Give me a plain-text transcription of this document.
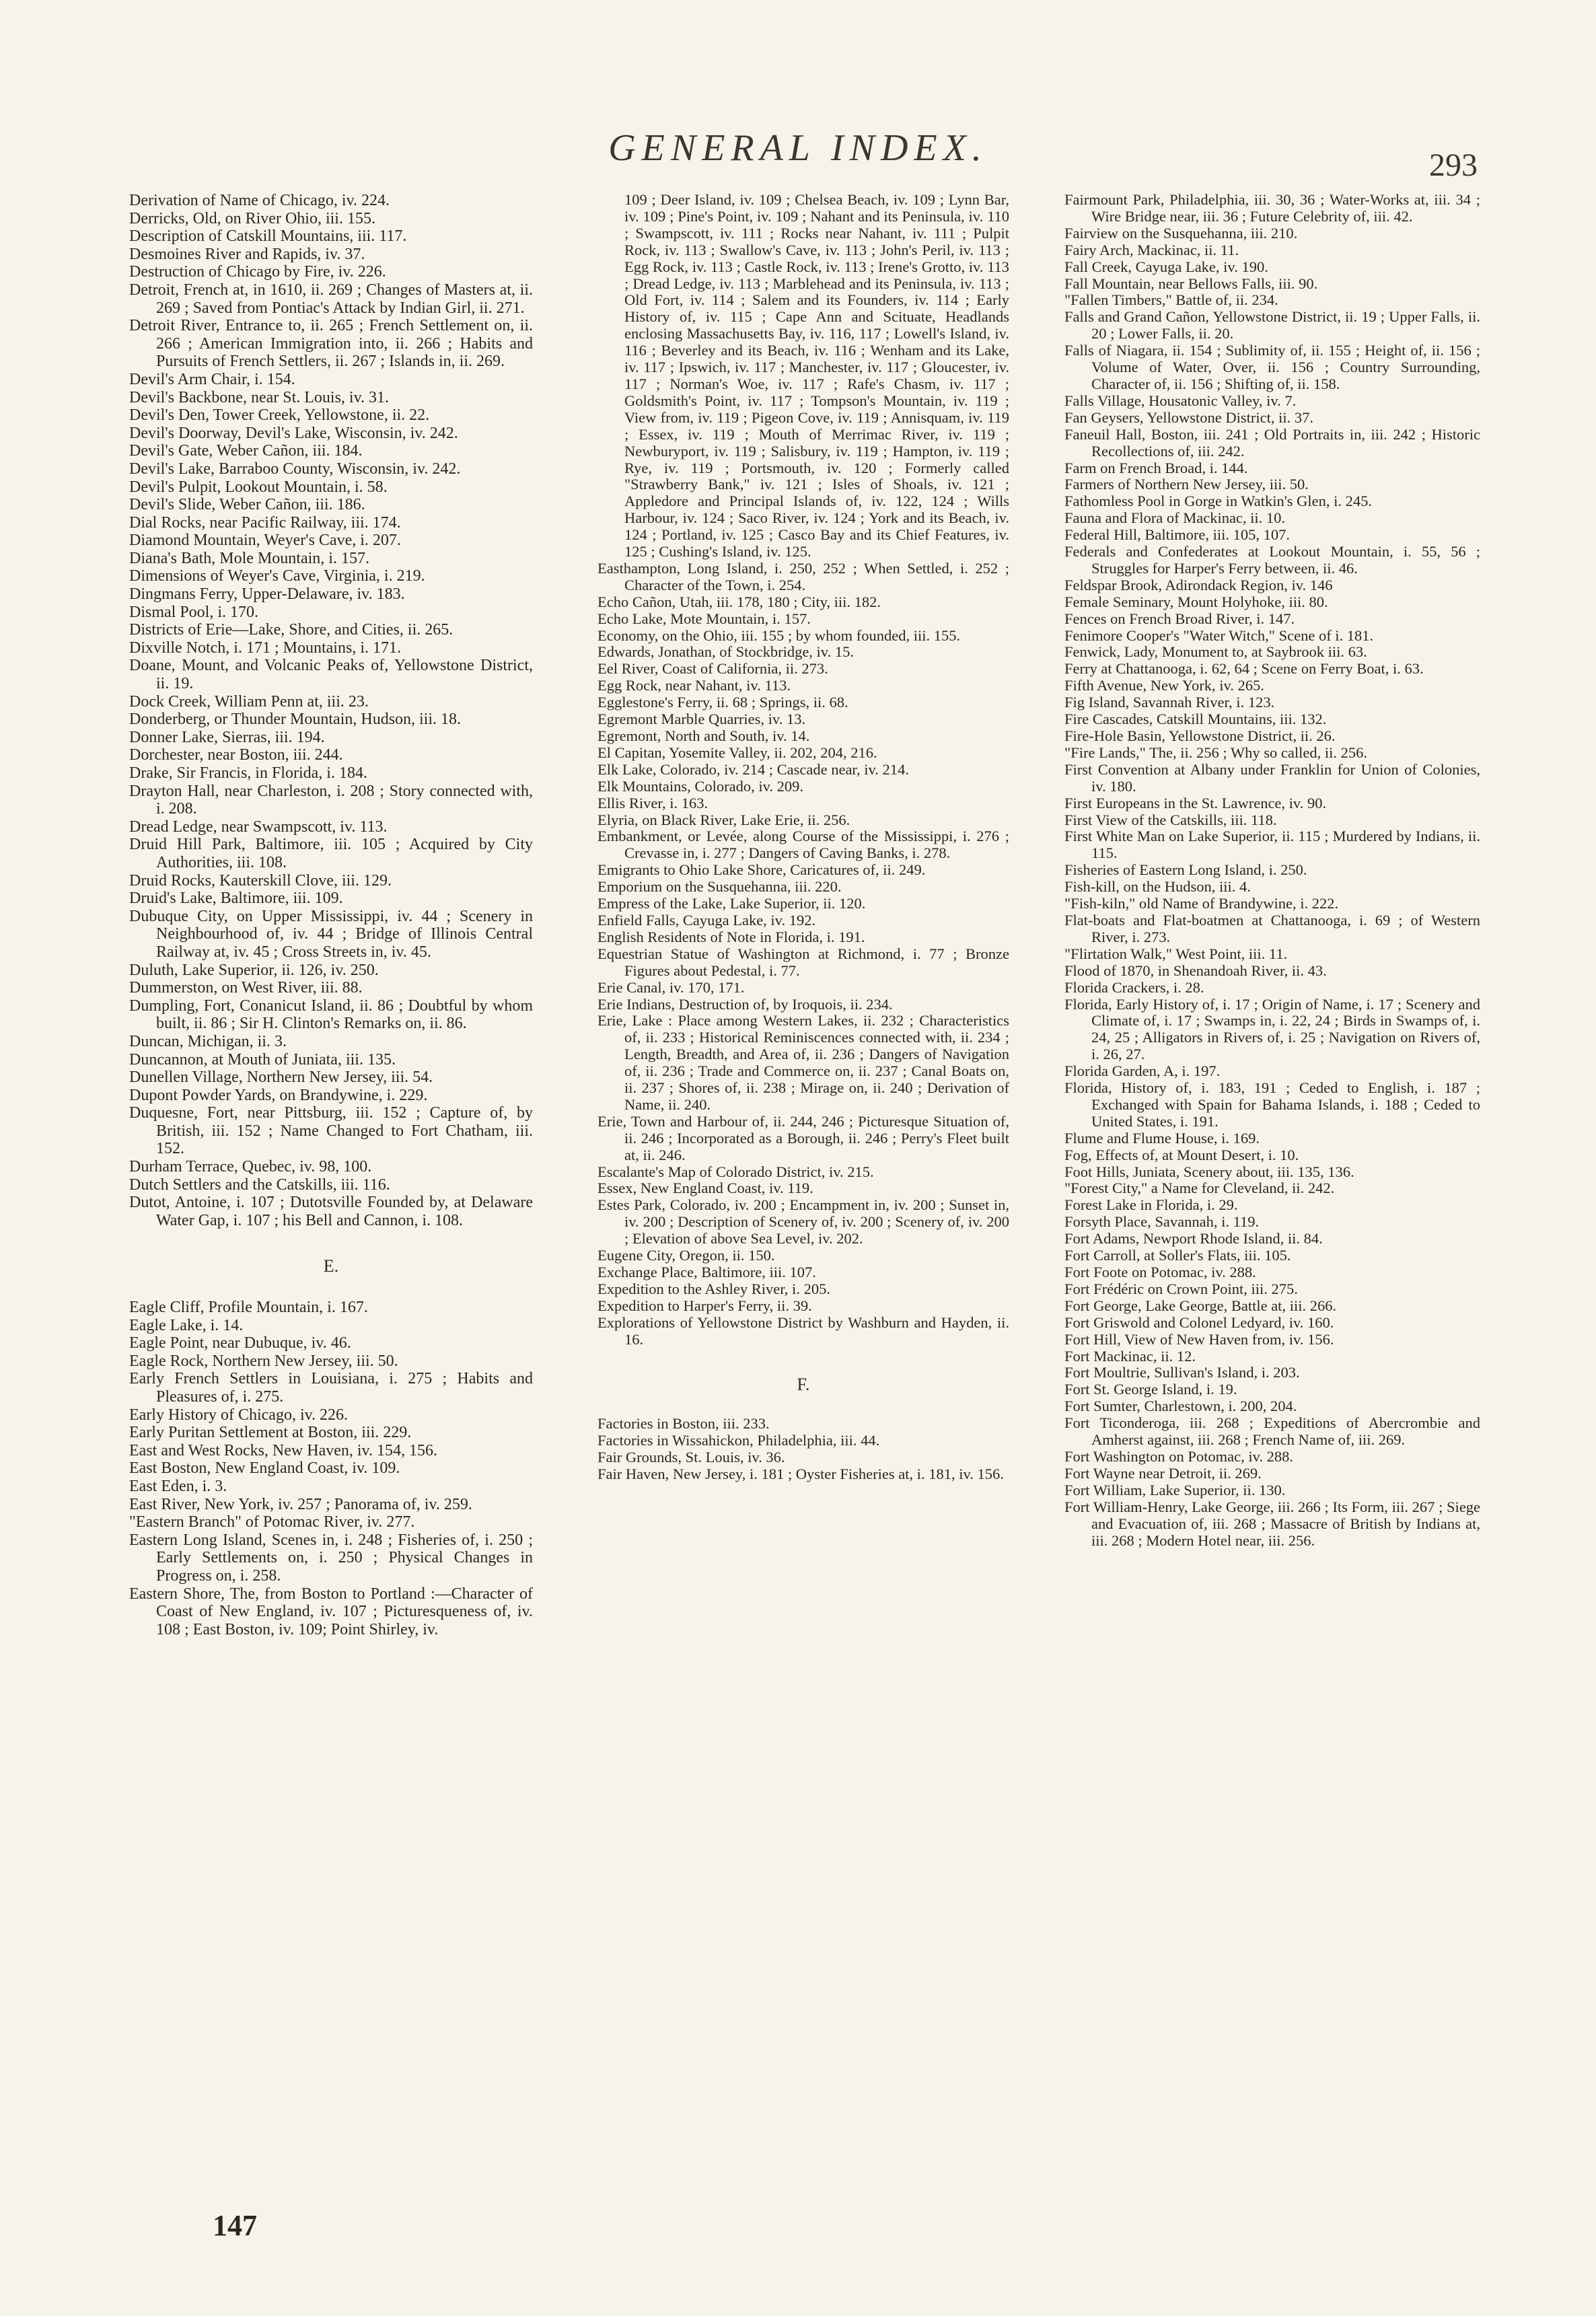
GENERAL INDEX.	293

Derivation of Name of Chicago, iv. 224.

Derricks, Old, on River Ohio, iii. 155.

Description of Catskill Mountains, iii. 117.

Desmoines River and Rapids, iv. 37.

Destruction of Chicago by Fire, iv. 226.

Detroit, French at, in 1610, ii. 269 ; Changes of Masters at, ii. 269 ; Saved from Pontiac's Attack by Indian Girl, ii. 271.

Detroit River, Entrance to, ii. 265 ; French Settlement on, ii. 266 ; American Immigration into, ii. 266 ; Habits and Pursuits of French Settlers, ii. 267 ; Islands in, ii. 269.

Devil's Arm Chair, i. 154.

Devil's Backbone, near St. Louis, iv. 31.

Devil's Den, Tower Creek, Yellowstone, ii. 22.

Devil's Doorway, Devil's Lake, Wisconsin, iv. 242.

Devil's Gate, Weber Cañon, iii. 184.

Devil's Lake, Barraboo County, Wisconsin, iv. 242.

Devil's Pulpit, Lookout Mountain, i. 58.

Devil's Slide, Weber Cañon, iii. 186.

Dial Rocks, near Pacific Railway, iii. 174.

Diamond Mountain, Weyer's Cave, i. 207.

Diana's Bath, Mole Mountain, i. 157.

Dimensions of Weyer's Cave, Virginia, i. 219.

Dingmans Ferry, Upper-Delaware, iv. 183.

Dismal Pool, i. 170.

Districts of Erie—Lake, Shore, and Cities, ii. 265.

Dixville Notch, i. 171 ; Mountains, i. 171.

Doane, Mount, and Volcanic Peaks of, Yellowstone District, ii. 19.

Dock Creek, William Penn at, iii. 23.

Donderberg, or Thunder Mountain, Hudson, iii. 18.

Donner Lake, Sierras, iii. 194.

Dorchester, near Boston, iii. 244.

Drake, Sir Francis, in Florida, i. 184.

Drayton Hall, near Charleston, i. 208 ; Story connected with, i. 208.

Dread Ledge, near Swampscott, iv. 113.

Druid Hill Park, Baltimore, iii. 105 ; Acquired by City Authorities, iii. 108.

Druid Rocks, Kauterskill Clove, iii. 129.

Druid's Lake, Baltimore, iii. 109.

Dubuque City, on Upper Mississippi, iv. 44 ; Scenery in Neighbourhood of, iv. 44 ; Bridge of Illinois Central Railway at, iv. 45 ; Cross Streets in, iv. 45.

Duluth, Lake Superior, ii. 126, iv. 250.

Dummerston, on West River, iii. 88.

Dumpling, Fort, Conanicut Island, ii. 86 ; Doubtful by whom built, ii. 86 ; Sir H. Clinton's Remarks on, ii. 86.

Duncan, Michigan, ii. 3.

Duncannon, at Mouth of Juniata, iii. 135.

Dunellen Village, Northern New Jersey, iii. 54.

Dupont Powder Yards, on Brandywine, i. 229.

Duquesne, Fort, near Pittsburg, iii. 152 ; Capture of, by British, iii. 152 ; Name Changed to Fort Chatham, iii. 152.

Durham Terrace, Quebec, iv. 98, 100.

Dutch Settlers and the Catskills, iii. 116.

Dutot, Antoine, i. 107 ; Dutotsville Founded by, at Delaware Water Gap, i. 107 ; his Bell and Cannon, i. 108.

E.

Eagle Cliff, Profile Mountain, i. 167.

Eagle Lake, i. 14.

Eagle Point, near Dubuque, iv. 46.

Eagle Rock, Northern New Jersey, iii. 50.

Early French Settlers in Louisiana, i. 275 ; Habits and Pleasures of, i. 275.

Early History of Chicago, iv. 226.

Early Puritan Settlement at Boston, iii. 229.

East and West Rocks, New Haven, iv. 154, 156.

East Boston, New England Coast, iv. 109.

East Eden, i. 3.

East River, New York, iv. 257 ; Panorama of, iv. 259.

"Eastern Branch" of Potomac River, iv. 277.

Eastern Long Island, Scenes in, i. 248 ; Fisheries of, i. 250 ; Early Settlements on, i. 250 ; Physical Changes in Progress on, i. 258.

Eastern Shore, The, from Boston to Portland :—Character of Coast of New England, iv. 107 ; Picturesqueness of, iv. 108 ; East Boston, iv. 109; Point Shirley, iv.

109 ; Deer Island, iv. 109 ; Chelsea Beach, iv. 109 ; Lynn Bar, iv. 109 ; Pine's Point, iv. 109 ; Nahant and its Peninsula, iv. 110 ; Swampscott, iv. 111 ; Rocks near Nahant, iv. 111 ; Pulpit Rock, iv. 113 ; Swallow's Cave, iv. 113 ; John's Peril, iv. 113 ; Egg Rock, iv. 113 ; Castle Rock, iv. 113 ; Irene's Grotto, iv. 113 ; Dread Ledge, iv. 113 ; Marblehead and its Peninsula, iv. 113 ; Old Fort, iv. 114 ; Salem and its Founders, iv. 114 ; Early History of, iv. 115 ; Cape Ann and Scituate, Headlands enclosing Massachusetts Bay, iv. 116, 117 ; Lowell's Island, iv. 116 ; Beverley and its Beach, iv. 116 ; Wenham and its Lake, iv. 117 ; Ipswich, iv. 117 ; Manchester, iv. 117 ; Gloucester, iv. 117 ; Norman's Woe, iv. 117 ; Rafe's Chasm, iv. 117 ; Goldsmith's Point, iv. 117 ; Tompson's Mountain, iv. 119 ; View from, iv. 119 ; Pigeon Cove, iv. 119 ; Annisquam, iv. 119 ; Essex, iv. 119 ; Mouth of Merrimac River, iv. 119 ; Newburyport, iv. 119 ; Salisbury, iv. 119 ; Hampton, iv. 119 ; Rye, iv. 119 ; Portsmouth, iv. 120 ; Formerly called "Strawberry Bank," iv. 121 ; Isles of Shoals, iv. 121 ; Appledore and Principal Islands of, iv. 122, 124 ; Wills Harbour, iv. 124 ; Saco River, iv. 124 ; York and its Beach, iv. 124 ; Portland, iv. 125 ; Casco Bay and its Chief Features, iv. 125 ; Cushing's Island, iv. 125.

Easthampton, Long Island, i. 250, 252 ; When Settled, i. 252 ; Character of the Town, i. 254.

Echo Cañon, Utah, iii. 178, 180 ; City, iii. 182.

Echo Lake, Mote Mountain, i. 157.

Economy, on the Ohio, iii. 155 ; by whom founded, iii. 155.

Edwards, Jonathan, of Stockbridge, iv. 15.

Eel River, Coast of California, ii. 273.

Egg Rock, near Nahant, iv. 113.

Egglestone's Ferry, ii. 68 ; Springs, ii. 68.

Egremont Marble Quarries, iv. 13.

Egremont, North and South, iv. 14.

El Capitan, Yosemite Valley, ii. 202, 204, 216.

Elk Lake, Colorado, iv. 214 ; Cascade near, iv. 214.

Elk Mountains, Colorado, iv. 209.

Ellis River, i. 163.

Elyria, on Black River, Lake Erie, ii. 256.

Embankment, or Levée, along Course of the Mississippi, i. 276 ; Crevasse in, i. 277 ; Dangers of Caving Banks, i. 278.

Emigrants to Ohio Lake Shore, Caricatures of, ii. 249.

Emporium on the Susquehanna, iii. 220.

Empress of the Lake, Lake Superior, ii. 120.

Enfield Falls, Cayuga Lake, iv. 192.

English Residents of Note in Florida, i. 191.

Equestrian Statue of Washington at Richmond, i. 77 ; Bronze Figures about Pedestal, i. 77.

Erie Canal, iv. 170, 171.

Erie Indians, Destruction of, by Iroquois, ii. 234.

Erie, Lake : Place among Western Lakes, ii. 232 ; Characteristics of, ii. 233 ; Historical Reminiscences connected with, ii. 234 ; Length, Breadth, and Area of, ii. 236 ; Dangers of Navigation of, ii. 236 ; Trade and Commerce on, ii. 237 ; Canal Boats on, ii. 237 ; Shores of, ii. 238 ; Mirage on, ii. 240 ; Derivation of Name, ii. 240.

Erie, Town and Harbour of, ii. 244, 246 ; Picturesque Situation of, ii. 246 ; Incorporated as a Borough, ii. 246 ; Perry's Fleet built at, ii. 246.

Escalante's Map of Colorado District, iv. 215.

Essex, New England Coast, iv. 119.

Estes Park, Colorado, iv. 200 ; Encampment in, iv. 200 ; Sunset in, iv. 200 ; Description of Scenery of, iv. 200 ; Scenery of, iv. 200 ; Elevation of above Sea Level, iv. 202.

Eugene City, Oregon, ii. 150.

Exchange Place, Baltimore, iii. 107.

Expedition to the Ashley River, i. 205.

Expedition to Harper's Ferry, ii. 39.

Explorations of Yellowstone District by Washburn and Hayden, ii. 16.

F.

Factories in Boston, iii. 233.

Factories in Wissahickon, Philadelphia, iii. 44.

Fair Grounds, St. Louis, iv. 36.

Fair Haven, New Jersey, i. 181 ; Oyster Fisheries at, i. 181, iv. 156.

Fairmount Park, Philadelphia, iii. 30, 36 ; Water-Works at, iii. 34 ; Wire Bridge near, iii. 36 ; Future Celebrity of, iii. 42.

Fairview on the Susquehanna, iii. 210.

Fairy Arch, Mackinac, ii. 11.

Fall Creek, Cayuga Lake, iv. 190.

Fall Mountain, near Bellows Falls, iii. 90.

"Fallen Timbers," Battle of, ii. 234.

Falls and Grand Cañon, Yellowstone District, ii. 19 ; Upper Falls, ii. 20 ; Lower Falls, ii. 20.

Falls of Niagara, ii. 154 ; Sublimity of, ii. 155 ; Height of, ii. 156 ; Volume of Water, Over, ii. 156 ; Country Surrounding, Character of, ii. 156 ; Shifting of, ii. 158.

Falls Village, Housatonic Valley, iv. 7.

Fan Geysers, Yellowstone District, ii. 37.

Faneuil Hall, Boston, iii. 241 ; Old Portraits in, iii. 242 ; Historic Recollections of, iii. 242.

Farm on French Broad, i. 144.

Farmers of Northern New Jersey, iii. 50.

Fathomless Pool in Gorge in Watkin's Glen, i. 245.

Fauna and Flora of Mackinac, ii. 10.

Federal Hill, Baltimore, iii. 105, 107.

Federals and Confederates at Lookout Mountain, i. 55, 56 ; Struggles for Harper's Ferry between, ii. 46.

Feldspar Brook, Adirondack Region, iv. 146

Female Seminary, Mount Holyhoke, iii. 80.

Fences on French Broad River, i. 147.

Fenimore Cooper's "Water Witch," Scene of i. 181.

Fenwick, Lady, Monument to, at Saybrook iii. 63.

Ferry at Chattanooga, i. 62, 64 ; Scene on Ferry Boat, i. 63.

Fifth Avenue, New York, iv. 265.

Fig Island, Savannah River, i. 123.

Fire Cascades, Catskill Mountains, iii. 132.

Fire-Hole Basin, Yellowstone District, ii. 26.

"Fire Lands," The, ii. 256 ; Why so called, ii. 256.

First Convention at Albany under Franklin for Union of Colonies, iv. 180.

First Europeans in the St. Lawrence, iv. 90.

First View of the Catskills, iii. 118.

First White Man on Lake Superior, ii. 115 ; Murdered by Indians, ii. 115.

Fisheries of Eastern Long Island, i. 250.

Fish-kill, on the Hudson, iii. 4.

"Fish-kiln," old Name of Brandywine, i. 222.

Flat-boats and Flat-boatmen at Chattanooga, i. 69 ; of Western River, i. 273.

"Flirtation Walk," West Point, iii. 11.

Flood of 1870, in Shenandoah River, ii. 43.

Florida Crackers, i. 28.

Florida, Early History of, i. 17 ; Origin of Name, i. 17 ; Scenery and Climate of, i. 17 ; Swamps in, i. 22, 24 ; Birds in Swamps of, i. 24, 25 ; Alligators in Rivers of, i. 25 ; Navigation on Rivers of, i. 26, 27.

Florida Garden, A, i. 197.

Florida, History of, i. 183, 191 ; Ceded to English, i. 187 ; Exchanged with Spain for Bahama Islands, i. 188 ; Ceded to United States, i. 191.

Flume and Flume House, i. 169.

Fog, Effects of, at Mount Desert, i. 10.

Foot Hills, Juniata, Scenery about, iii. 135, 136.

"Forest City," a Name for Cleveland, ii. 242.

Forest Lake in Florida, i. 29.

Forsyth Place, Savannah, i. 119.

Fort Adams, Newport Rhode Island, ii. 84.

Fort Carroll, at Soller's Flats, iii. 105.

Fort Foote on Potomac, iv. 288.

Fort Frédéric on Crown Point, iii. 275.

Fort George, Lake George, Battle at, iii. 266.

Fort Griswold and Colonel Ledyard, iv. 160.

Fort Hill, View of New Haven from, iv. 156.

Fort Mackinac, ii. 12.

Fort Moultrie, Sullivan's Island, i. 203.

Fort St. George Island, i. 19.

Fort Sumter, Charlestown, i. 200, 204.

Fort Ticonderoga, iii. 268 ; Expeditions of Abercrombie and Amherst against, iii. 268 ; French Name of, iii. 269.

Fort Washington on Potomac, iv. 288.

Fort Wayne near Detroit, ii. 269.

Fort William, Lake Superior, ii. 130.

Fort William-Henry, Lake George, iii. 266 ; Its Form, iii. 267 ; Siege and Evacuation of, iii. 268 ; Massacre of British by Indians at, iii. 268 ; Modern Hotel near, iii. 256.

147
